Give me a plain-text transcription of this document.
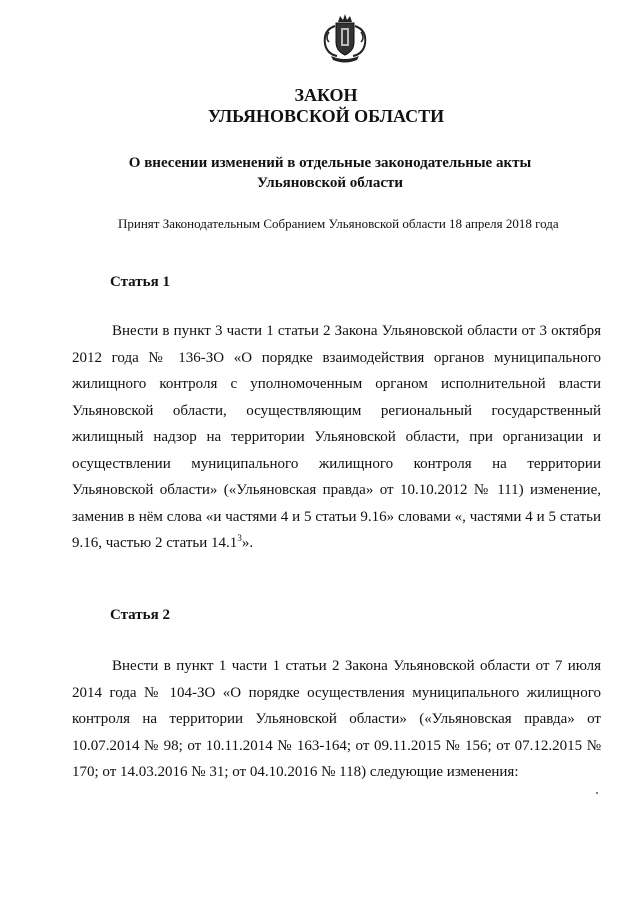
ЗАКОН
УЛЬЯНОВСКОЙ ОБЛАСТИ
О внесении изменений в отдельные законодательные акты
Ульяновской области
Принят Законодательным Собранием Ульяновской области 18 апреля 2018 года
Статья 1

Внести в пункт 3 части 1 статьи 2 Закона Ульяновской области от 3 октября 2012 года № 136-ЗО «О порядке взаимодействия органов муниципального жилищного контроля с уполномоченным органом исполнительной власти Ульяновской области, осуществляющим региональный государственный жилищный надзор на территории Ульяновской области, при организации и осуществлении муниципального жилищного контроля на территории Ульяновской области» («Ульяновская правда» от 10.10.2012 № 111) изменение, заменив в нём слова «и частями 4 и 5 статьи 9.16» словами «, частями 4 и 5 статьи 9.16, частью 2 статьи 14.1$^3$».

Статья 2

Внести в пункт 1 части 1 статьи 2 Закона Ульяновской области от 7 июля 2014 года № 104-ЗО «О порядке осуществления муниципального жилищного контроля на территории Ульяновской области» («Ульяновская правда» от 10.07.2014 № 98; от 10.11.2014 № 163-164; от 09.11.2015 № 156; от 07.12.2015 № 170; от 14.03.2016 № 31; от 04.10.2016 № 118) следующие изменения:
